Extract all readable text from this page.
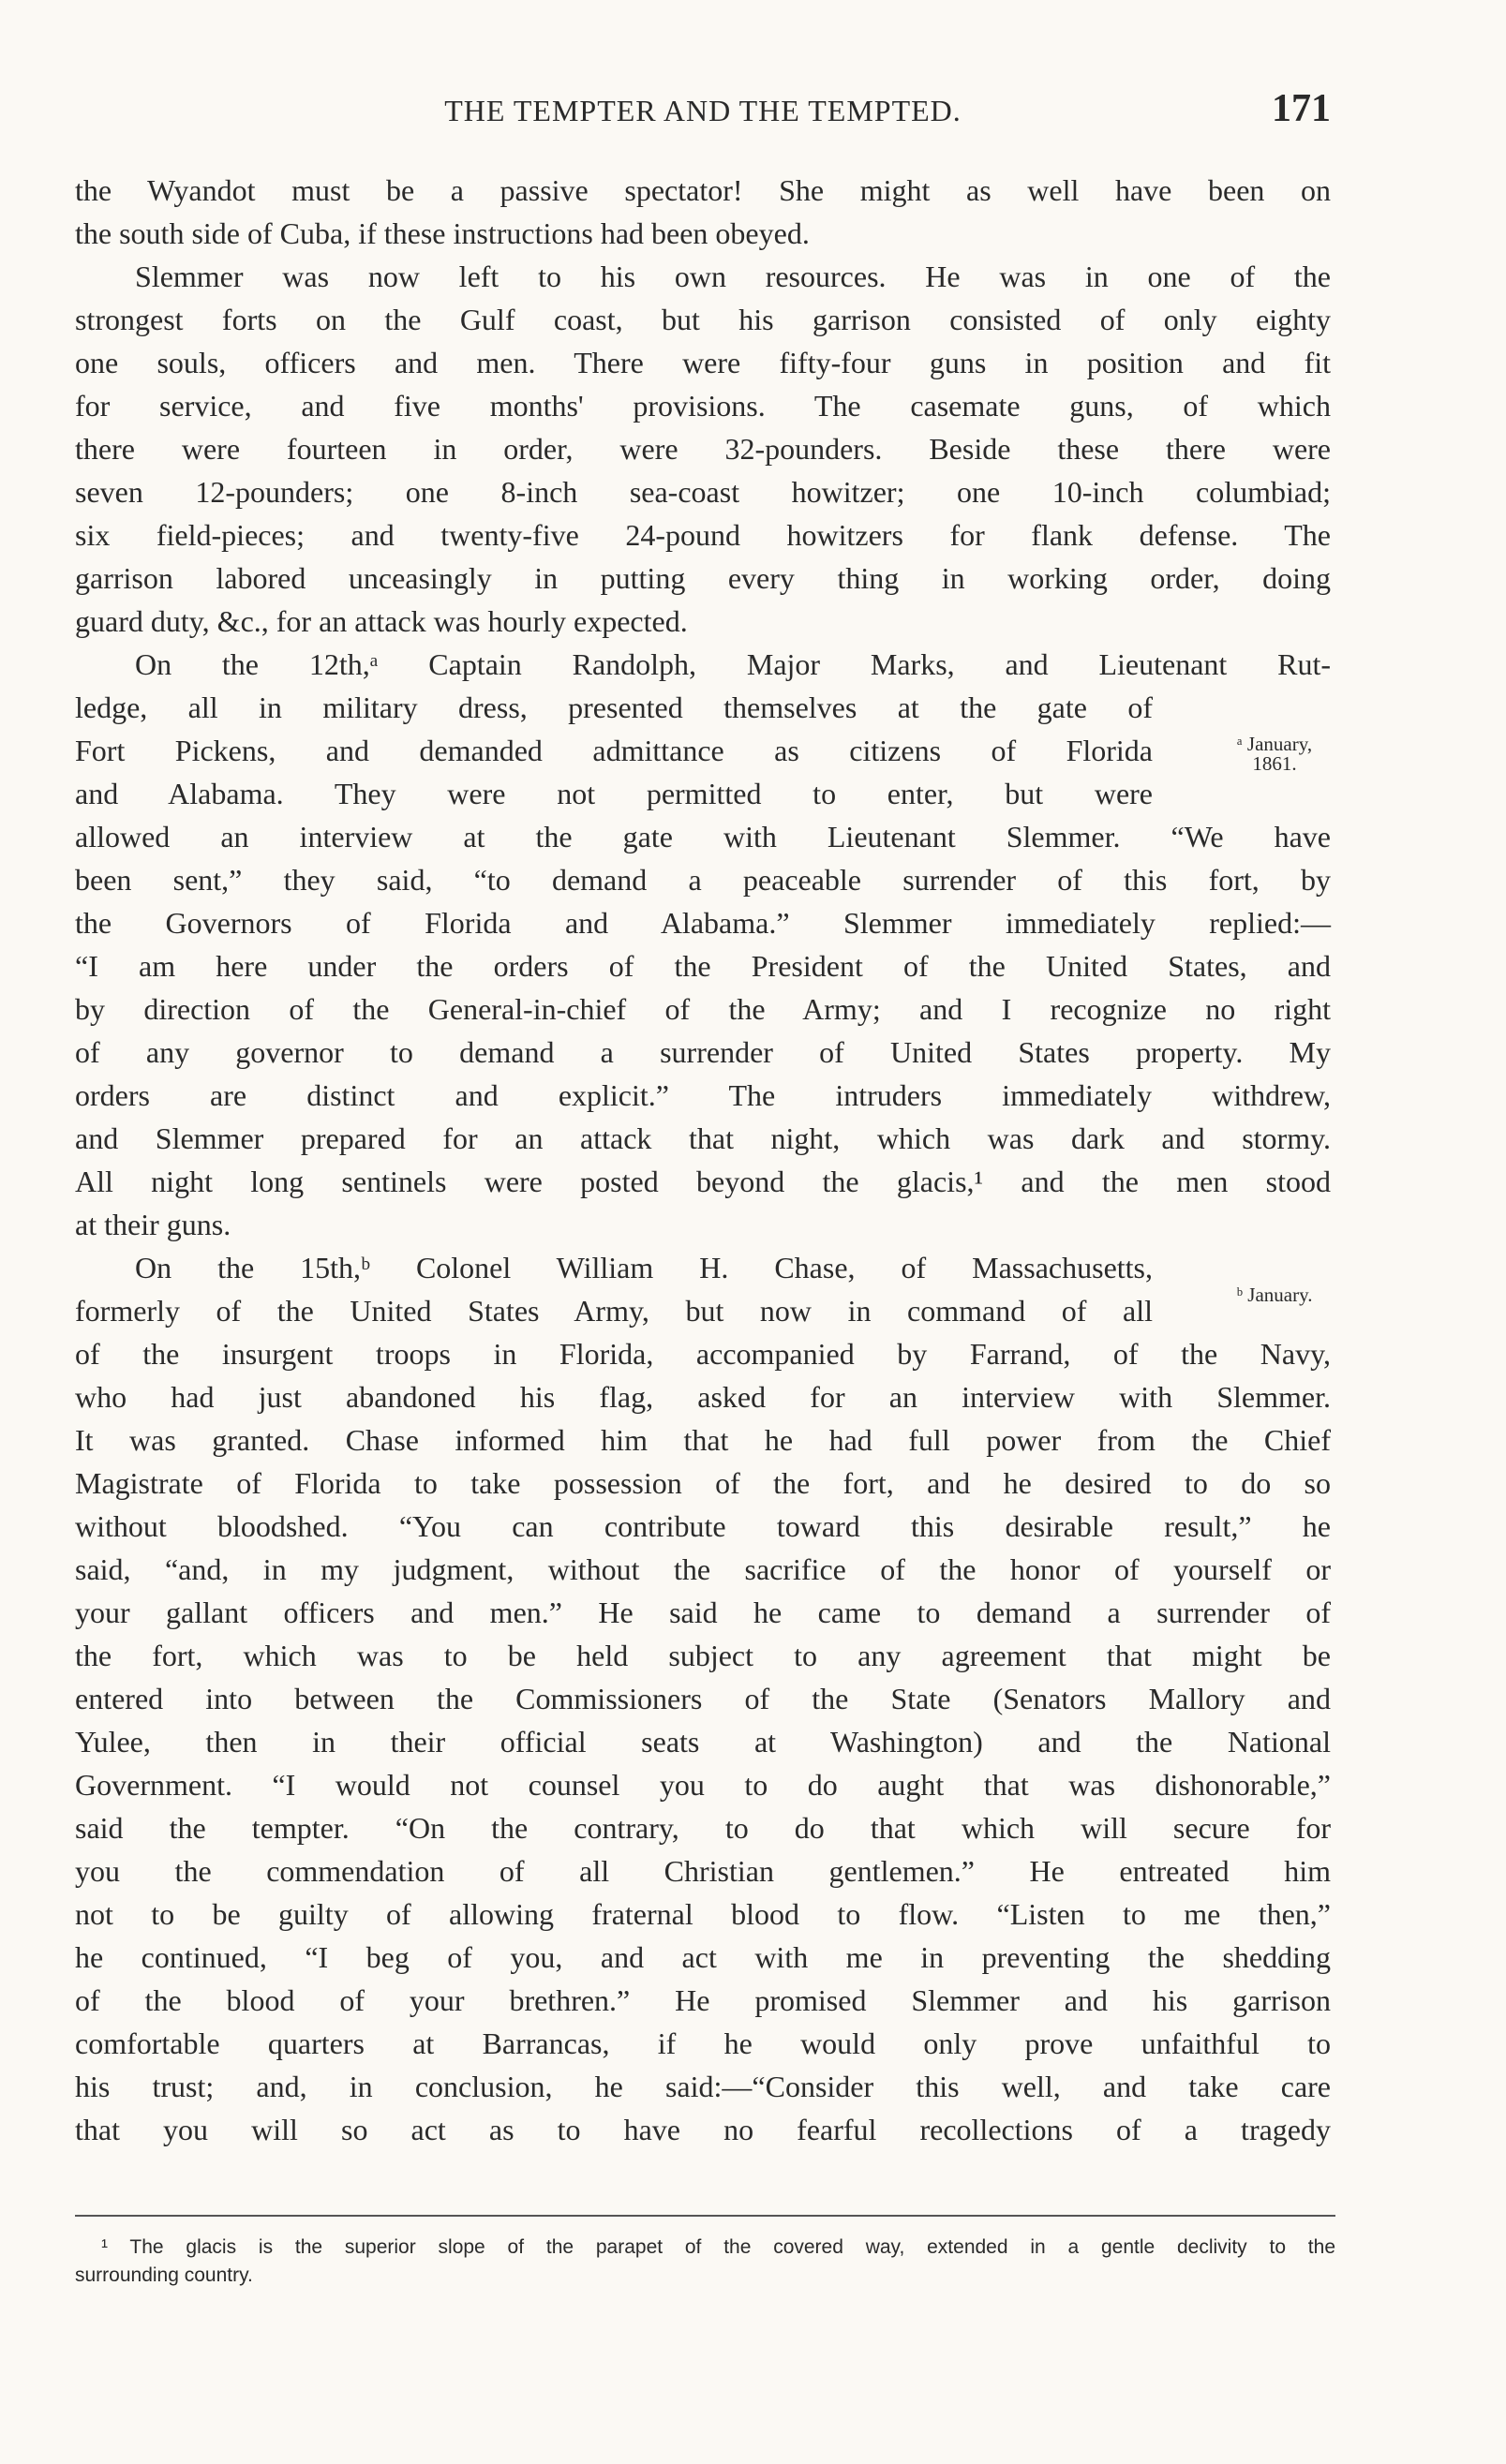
THE TEMPTER AND THE TEMPTED.	171
the Wyandot must be a passive spectator! She might as well have been on
the south side of Cuba, if these instructions had been obeyed.
Slemmer was now left to his own resources. He was in one of the
strongest forts on the Gulf coast, but his garrison consisted of only eighty
one souls, officers and men. There were fifty-four guns in position and fit
for service, and five months' provisions. The casemate guns, of which
there were fourteen in order, were 32-pounders. Beside these there were
seven 12-pounders; one 8-inch sea-coast howitzer; one 10-inch columbiad;
six field-pieces; and twenty-five 24-pound howitzers for flank defense. The
garrison labored unceasingly in putting every thing in working order, doing
guard duty, &c., for an attack was hourly expected.
On the 12th,ᵃ Captain Randolph, Major Marks, and Lieutenant Rut-
ledge, all in military dress, presented themselves at the gate of
Fort Pickens, and demanded admittance as citizens of Florida
and Alabama. They were not permitted to enter, but were
allowed an interview at the gate with Lieutenant Slemmer. “We have
been sent,” they said, “to demand a peaceable surrender of this fort, by
the Governors of Florida and Alabama.” Slemmer immediately replied:—
“I am here under the orders of the President of the United States, and
by direction of the General-in-chief of the Army; and I recognize no right
of any governor to demand a surrender of United States property. My
orders are distinct and explicit.” The intruders immediately withdrew,
and Slemmer prepared for an attack that night, which was dark and stormy.
All night long sentinels were posted beyond the glacis,¹ and the men stood
at their guns.
On the 15th,ᵇ Colonel William H. Chase, of Massachusetts,
formerly of the United States Army, but now in command of all
of the insurgent troops in Florida, accompanied by Farrand, of the Navy,
who had just abandoned his flag, asked for an interview with Slemmer.
It was granted. Chase informed him that he had full power from the Chief
Magistrate of Florida to take possession of the fort, and he desired to do so
without bloodshed. “You can contribute toward this desirable result,” he
said, “and, in my judgment, without the sacrifice of the honor of yourself or
your gallant officers and men.” He said he came to demand a surrender of
the fort, which was to be held subject to any agreement that might be
entered into between the Commissioners of the State (Senators Mallory and
Yulee, then in their official seats at Washington) and the National
Government. “I would not counsel you to do aught that was dishonorable,”
said the tempter. “On the contrary, to do that which will secure for
you the commendation of all Christian gentlemen.” He entreated him
not to be guilty of allowing fraternal blood to flow. “Listen to me then,”
he continued, “I beg of you, and act with me in preventing the shedding
of the blood of your brethren.” He promised Slemmer and his garrison
comfortable quarters at Barrancas, if he would only prove unfaithful to
his trust; and, in conclusion, he said:—“Consider this well, and take care
that you will so act as to have no fearful recollections of a tragedy
ᵃ January,
1861.
ᵇ January.
¹ The glacis is the superior slope of the parapet of the covered way, extended in a gentle declivity to the
surrounding country.
